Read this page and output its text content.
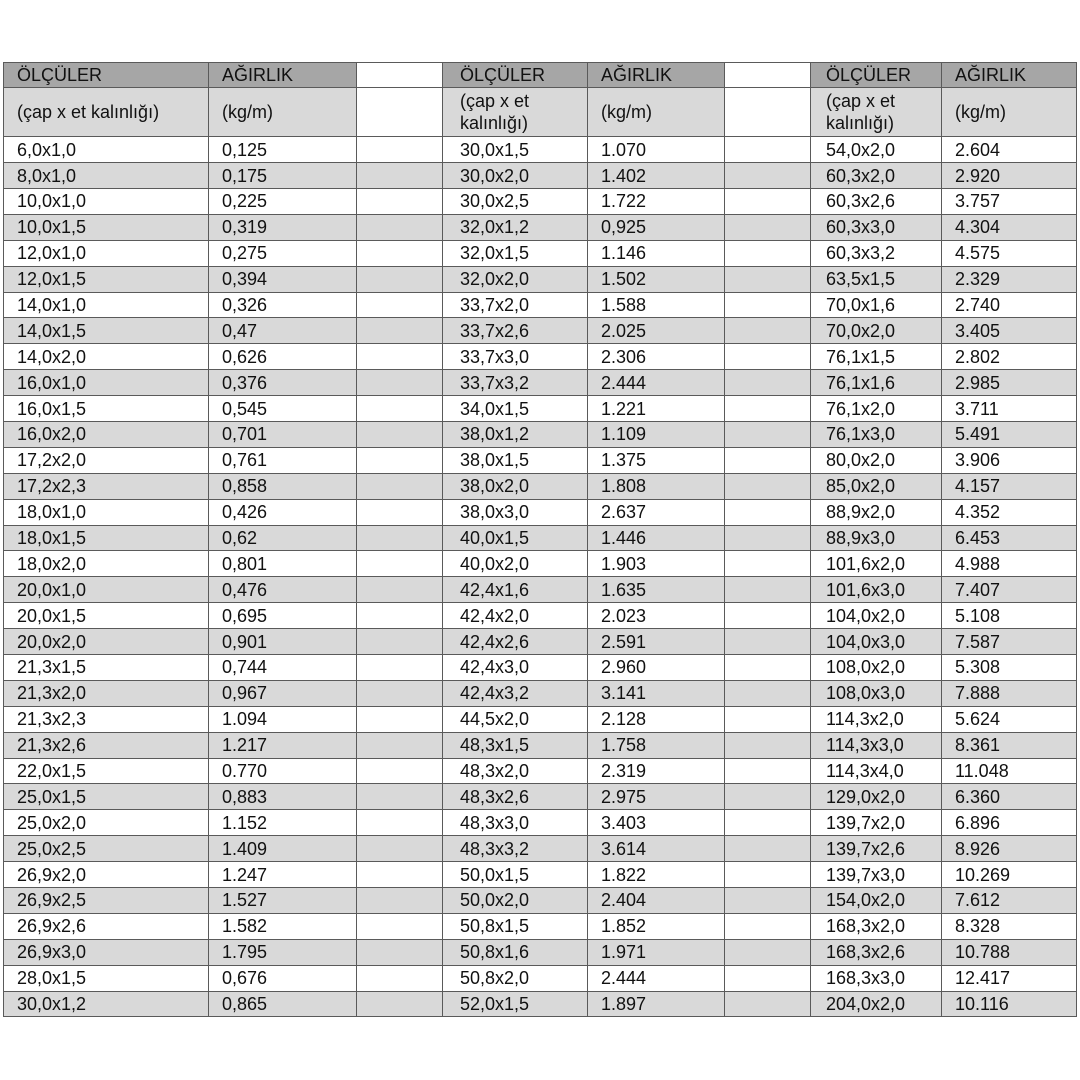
ÖLÇÜLER	AĞIRLIK		ÖLÇÜLER	AĞIRLIK		ÖLÇÜLER	AĞIRLIK
(çap x et kalınlığı)	(kg/m)		(çap x et kalınlığı)	(kg/m)		(çap x et kalınlığı)	(kg/m)
6,0x1,0	0,125		30,0x1,5	1.070		54,0x2,0	2.604
8,0x1,0	0,175		30,0x2,0	1.402		60,3x2,0	2.920
10,0x1,0	0,225		30,0x2,5	1.722		60,3x2,6	3.757
10,0x1,5	0,319		32,0x1,2	0,925		60,3x3,0	4.304
12,0x1,0	0,275		32,0x1,5	1.146		60,3x3,2	4.575
12,0x1,5	0,394		32,0x2,0	1.502		63,5x1,5	2.329
14,0x1,0	0,326		33,7x2,0	1.588		70,0x1,6	2.740
14,0x1,5	0,47		33,7x2,6	2.025		70,0x2,0	3.405
14,0x2,0	0,626		33,7x3,0	2.306		76,1x1,5	2.802
16,0x1,0	0,376		33,7x3,2	2.444		76,1x1,6	2.985
16,0x1,5	0,545		34,0x1,5	1.221		76,1x2,0	3.711
16,0x2,0	0,701		38,0x1,2	1.109		76,1x3,0	5.491
17,2x2,0	0,761		38,0x1,5	1.375		80,0x2,0	3.906
17,2x2,3	0,858		38,0x2,0	1.808		85,0x2,0	4.157
18,0x1,0	0,426		38,0x3,0	2.637		88,9x2,0	4.352
18,0x1,5	0,62		40,0x1,5	1.446		88,9x3,0	6.453
18,0x2,0	0,801		40,0x2,0	1.903		101,6x2,0	4.988
20,0x1,0	0,476		42,4x1,6	1.635		101,6x3,0	7.407
20,0x1,5	0,695		42,4x2,0	2.023		104,0x2,0	5.108
20,0x2,0	0,901		42,4x2,6	2.591		104,0x3,0	7.587
21,3x1,5	0,744		42,4x3,0	2.960		108,0x2,0	5.308
21,3x2,0	0,967		42,4x3,2	3.141		108,0x3,0	7.888
21,3x2,3	1.094		44,5x2,0	2.128		114,3x2,0	5.624
21,3x2,6	1.217		48,3x1,5	1.758		114,3x3,0	8.361
22,0x1,5	0.770		48,3x2,0	2.319		114,3x4,0	11.048
25,0x1,5	0,883		48,3x2,6	2.975		129,0x2,0	6.360
25,0x2,0	1.152		48,3x3,0	3.403		139,7x2,0	6.896
25,0x2,5	1.409		48,3x3,2	3.614		139,7x2,6	8.926
26,9x2,0	1.247		50,0x1,5	1.822		139,7x3,0	10.269
26,9x2,5	1.527		50,0x2,0	2.404		154,0x2,0	7.612
26,9x2,6	1.582		50,8x1,5	1.852		168,3x2,0	8.328
26,9x3,0	1.795		50,8x1,6	1.971		168,3x2,6	10.788
28,0x1,5	0,676		50,8x2,0	2.444		168,3x3,0	12.417
30,0x1,2	0,865		52,0x1,5	1.897		204,0x2,0	10.116
